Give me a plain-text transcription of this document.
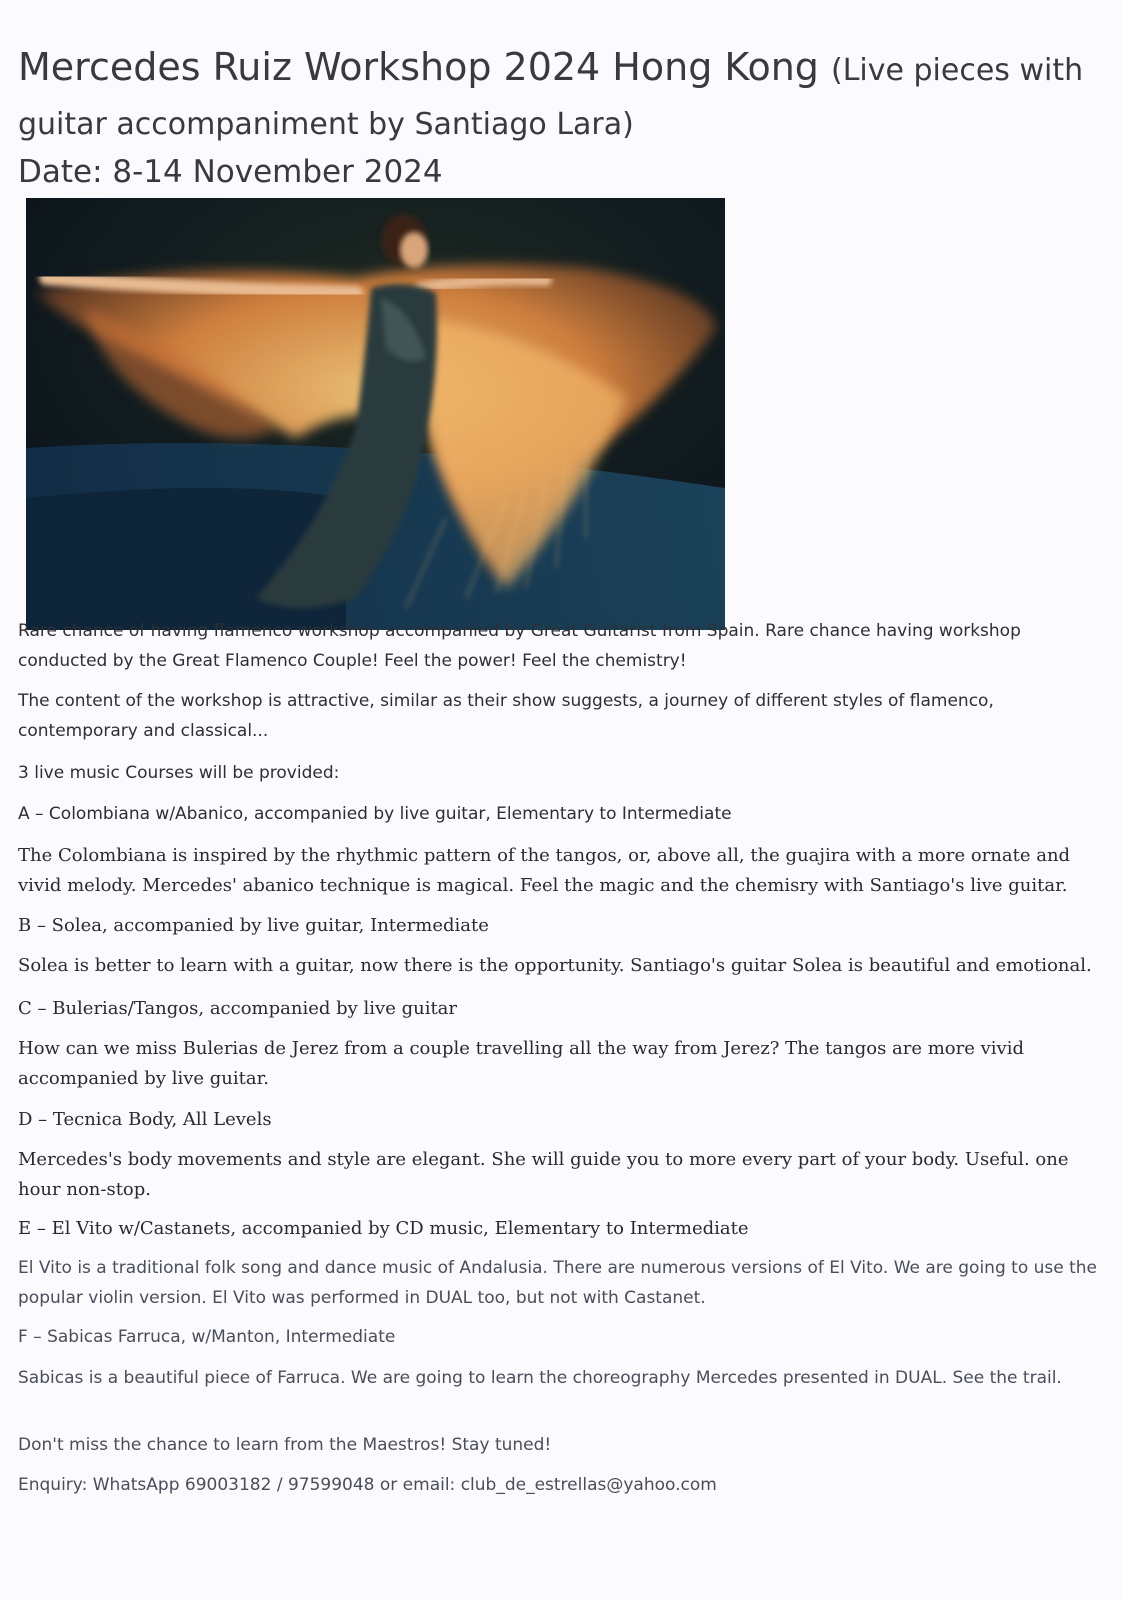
Mercedes Ruiz Workshop 2024 Hong Kong (Live pieces with guitar accompaniment by Santiago Lara)
Date: 8-14 November 2024

Rare chance of having flamenco workshop accompanied by Great Guitarist from Spain. Rare chance having workshop conducted by the Great Flamenco Couple! Feel the power! Feel the chemistry!

The content of the workshop is attractive, similar as their show suggests, a journey of different styles of flamenco, contemporary and classical...

3 live music Courses will be provided:

A – Colombiana w/Abanico, accompanied by live guitar, Elementary to Intermediate

The Colombiana is inspired by the rhythmic pattern of the tangos, or, above all, the guajira with a more ornate and vivid melody. Mercedes' abanico technique is magical. Feel the magic and the chemisry with Santiago's live guitar.

B – Solea, accompanied by live guitar, Intermediate

Solea is better to learn with a guitar, now there is the opportunity. Santiago's guitar Solea is beautiful and emotional.

C – Bulerias/Tangos, accompanied by live guitar

How can we miss Bulerias de Jerez from a couple travelling all the way from Jerez? The tangos are more vivid accompanied by live guitar.

D – Tecnica Body, All Levels

Mercedes's body movements and style are elegant. She will guide you to more every part of your body. Useful. one hour non-stop.

E – El Vito w/Castanets, accompanied by CD music, Elementary to Intermediate

El Vito is a traditional folk song and dance music of Andalusia. There are numerous versions of El Vito. We are going to use the popular violin version. El Vito was performed in DUAL too, but not with Castanet.

F – Sabicas Farruca, w/Manton, Intermediate

Sabicas is a beautiful piece of Farruca. We are going to learn the choreography Mercedes presented in DUAL. See the trail.

Don't miss the chance to learn from the Maestros! Stay tuned!

Enquiry: WhatsApp 69003182 / 97599048 or email: club_de_estrellas@yahoo.com
